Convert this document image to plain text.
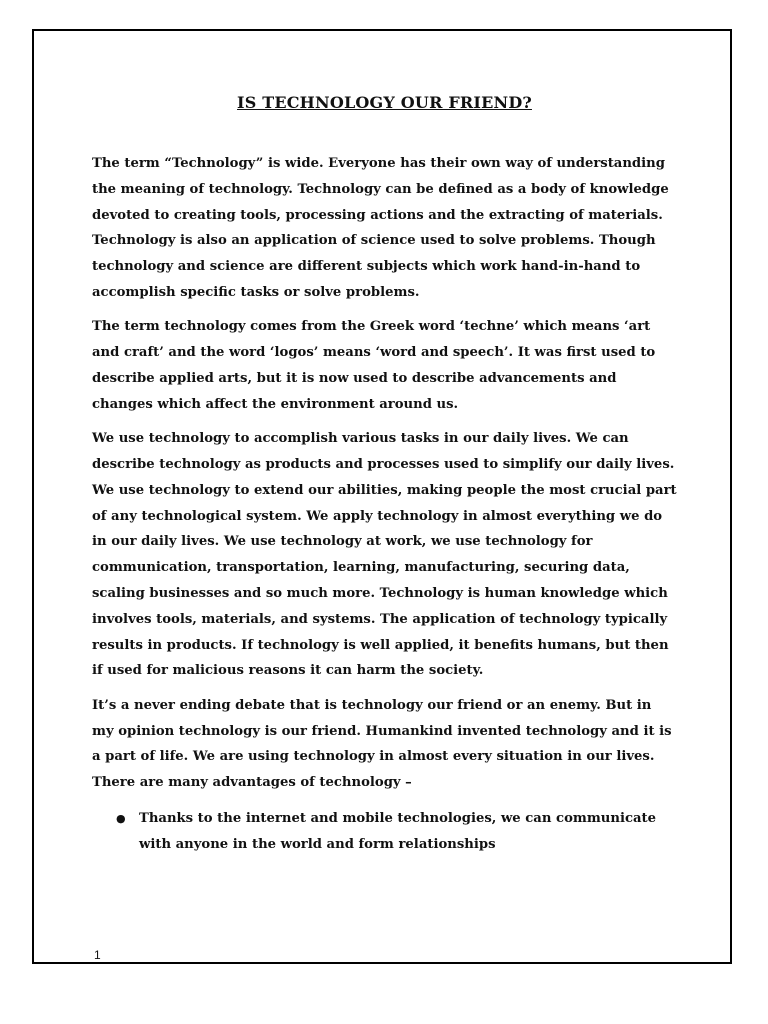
IS TECHNOLOGY OUR FRIEND?

The term “Technology” is wide. Everyone has their own way of understanding the meaning of technology. Technology can be defined as a body of knowledge devoted to creating tools, processing actions and the extracting of materials. Technology is also an application of science used to solve problems. Though technology and science are different subjects which work hand-in-hand to accomplish specific tasks or solve problems.

The term technology comes from the Greek word ‘techne’ which means ‘art and craft’ and the word ‘logos’ means ‘word and speech’. It was first used to describe applied arts, but it is now used to describe advancements and changes which affect the environment around us.

We use technology to accomplish various tasks in our daily lives. We can describe technology as products and processes used to simplify our daily lives. We use technology to extend our abilities, making people the most crucial part of any technological system. We apply technology in almost everything we do in our daily lives. We use technology at work, we use technology for communication, transportation, learning, manufacturing, securing data, scaling businesses and so much more. Technology is human knowledge which involves tools, materials, and systems. The application of technology typically results in products. If technology is well applied, it benefits humans, but then if used for malicious reasons it can harm the society.

It’s a never ending debate that is technology our friend or an enemy. But in my opinion technology is our friend. Humankind invented technology and it is a part of life. We are using technology in almost every situation in our lives. There are many advantages of technology –

● Thanks to the internet and mobile technologies, we can communicate with anyone in the world and form relationships
1
